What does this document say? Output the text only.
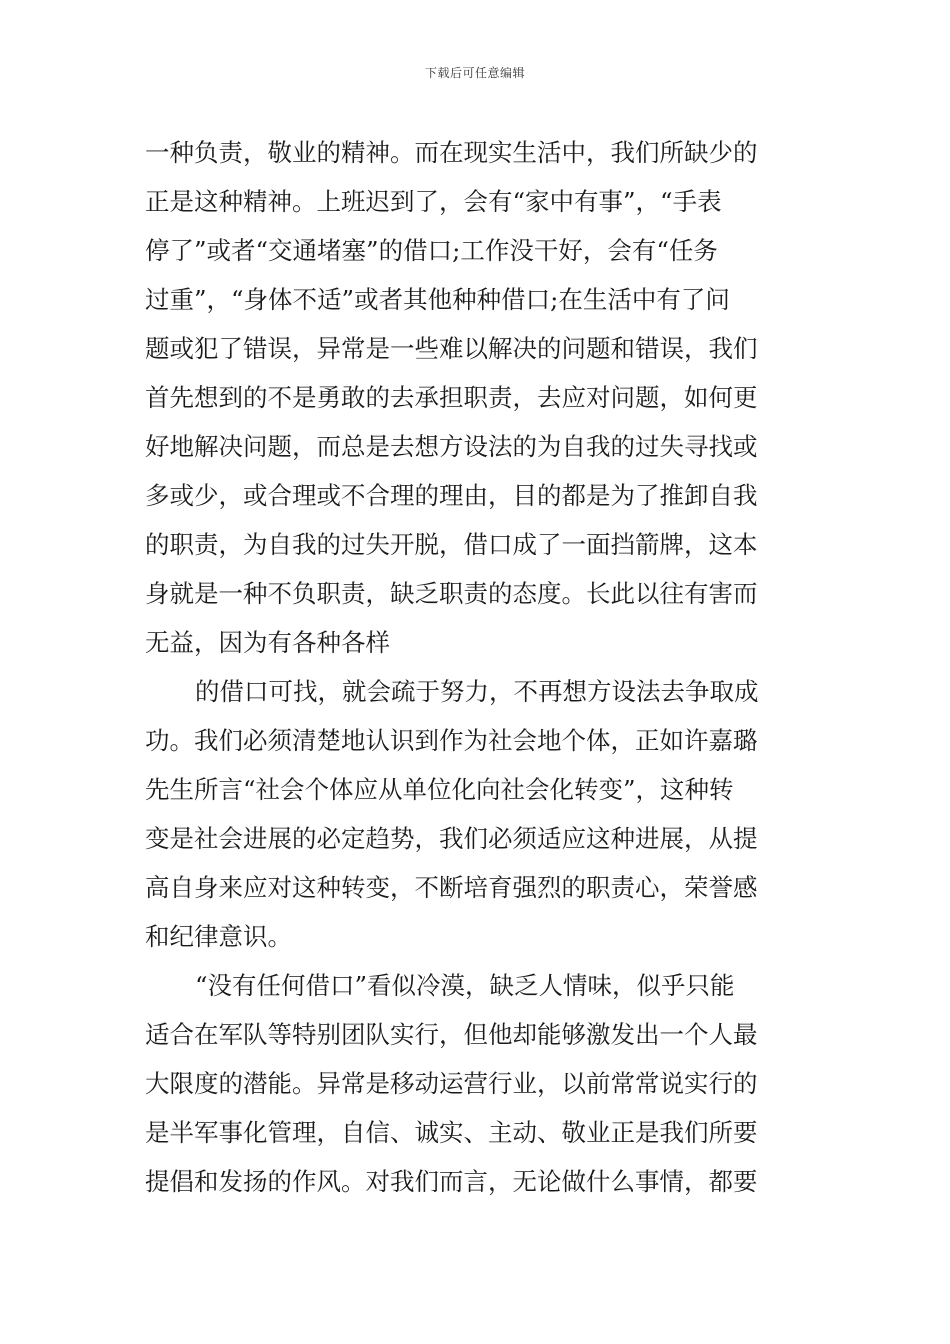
下载后可任意编辑
一种负责，敬业的精神。而在现实生活中，我们所缺少的
正是这种精神。上班迟到了，会有“家中有事”，“手表
停了”或者“交通堵塞”的借口;工作没干好，会有“任务
过重”，“身体不适”或者其他种种借口;在生活中有了问
题或犯了错误，异常是一些难以解决的问题和错误，我们
首先想到的不是勇敢的去承担职责，去应对问题，如何更
好地解决问题，而总是去想方设法的为自我的过失寻找或
多或少，或合理或不合理的理由，目的都是为了推卸自我
的职责，为自我的过失开脱，借口成了一面挡箭牌，这本
身就是一种不负职责，缺乏职责的态度。长此以往有害而
无益，因为有各种各样
的借口可找，就会疏于努力，不再想方设法去争取成
功。我们必须清楚地认识到作为社会地个体，正如许嘉璐
先生所言“社会个体应从单位化向社会化转变”，这种转
变是社会进展的必定趋势，我们必须适应这种进展，从提
高自身来应对这种转变，不断培育强烈的职责心，荣誉感
和纪律意识。
“没有任何借口”看似冷漠，缺乏人情味，似乎只能
适合在军队等特别团队实行，但他却能够激发出一个人最
大限度的潜能。异常是移动运营行业，以前常常说实行的
是半军事化管理，自信、诚实、主动、敬业正是我们所要
提倡和发扬的作风。对我们而言，无论做什么事情，都要
